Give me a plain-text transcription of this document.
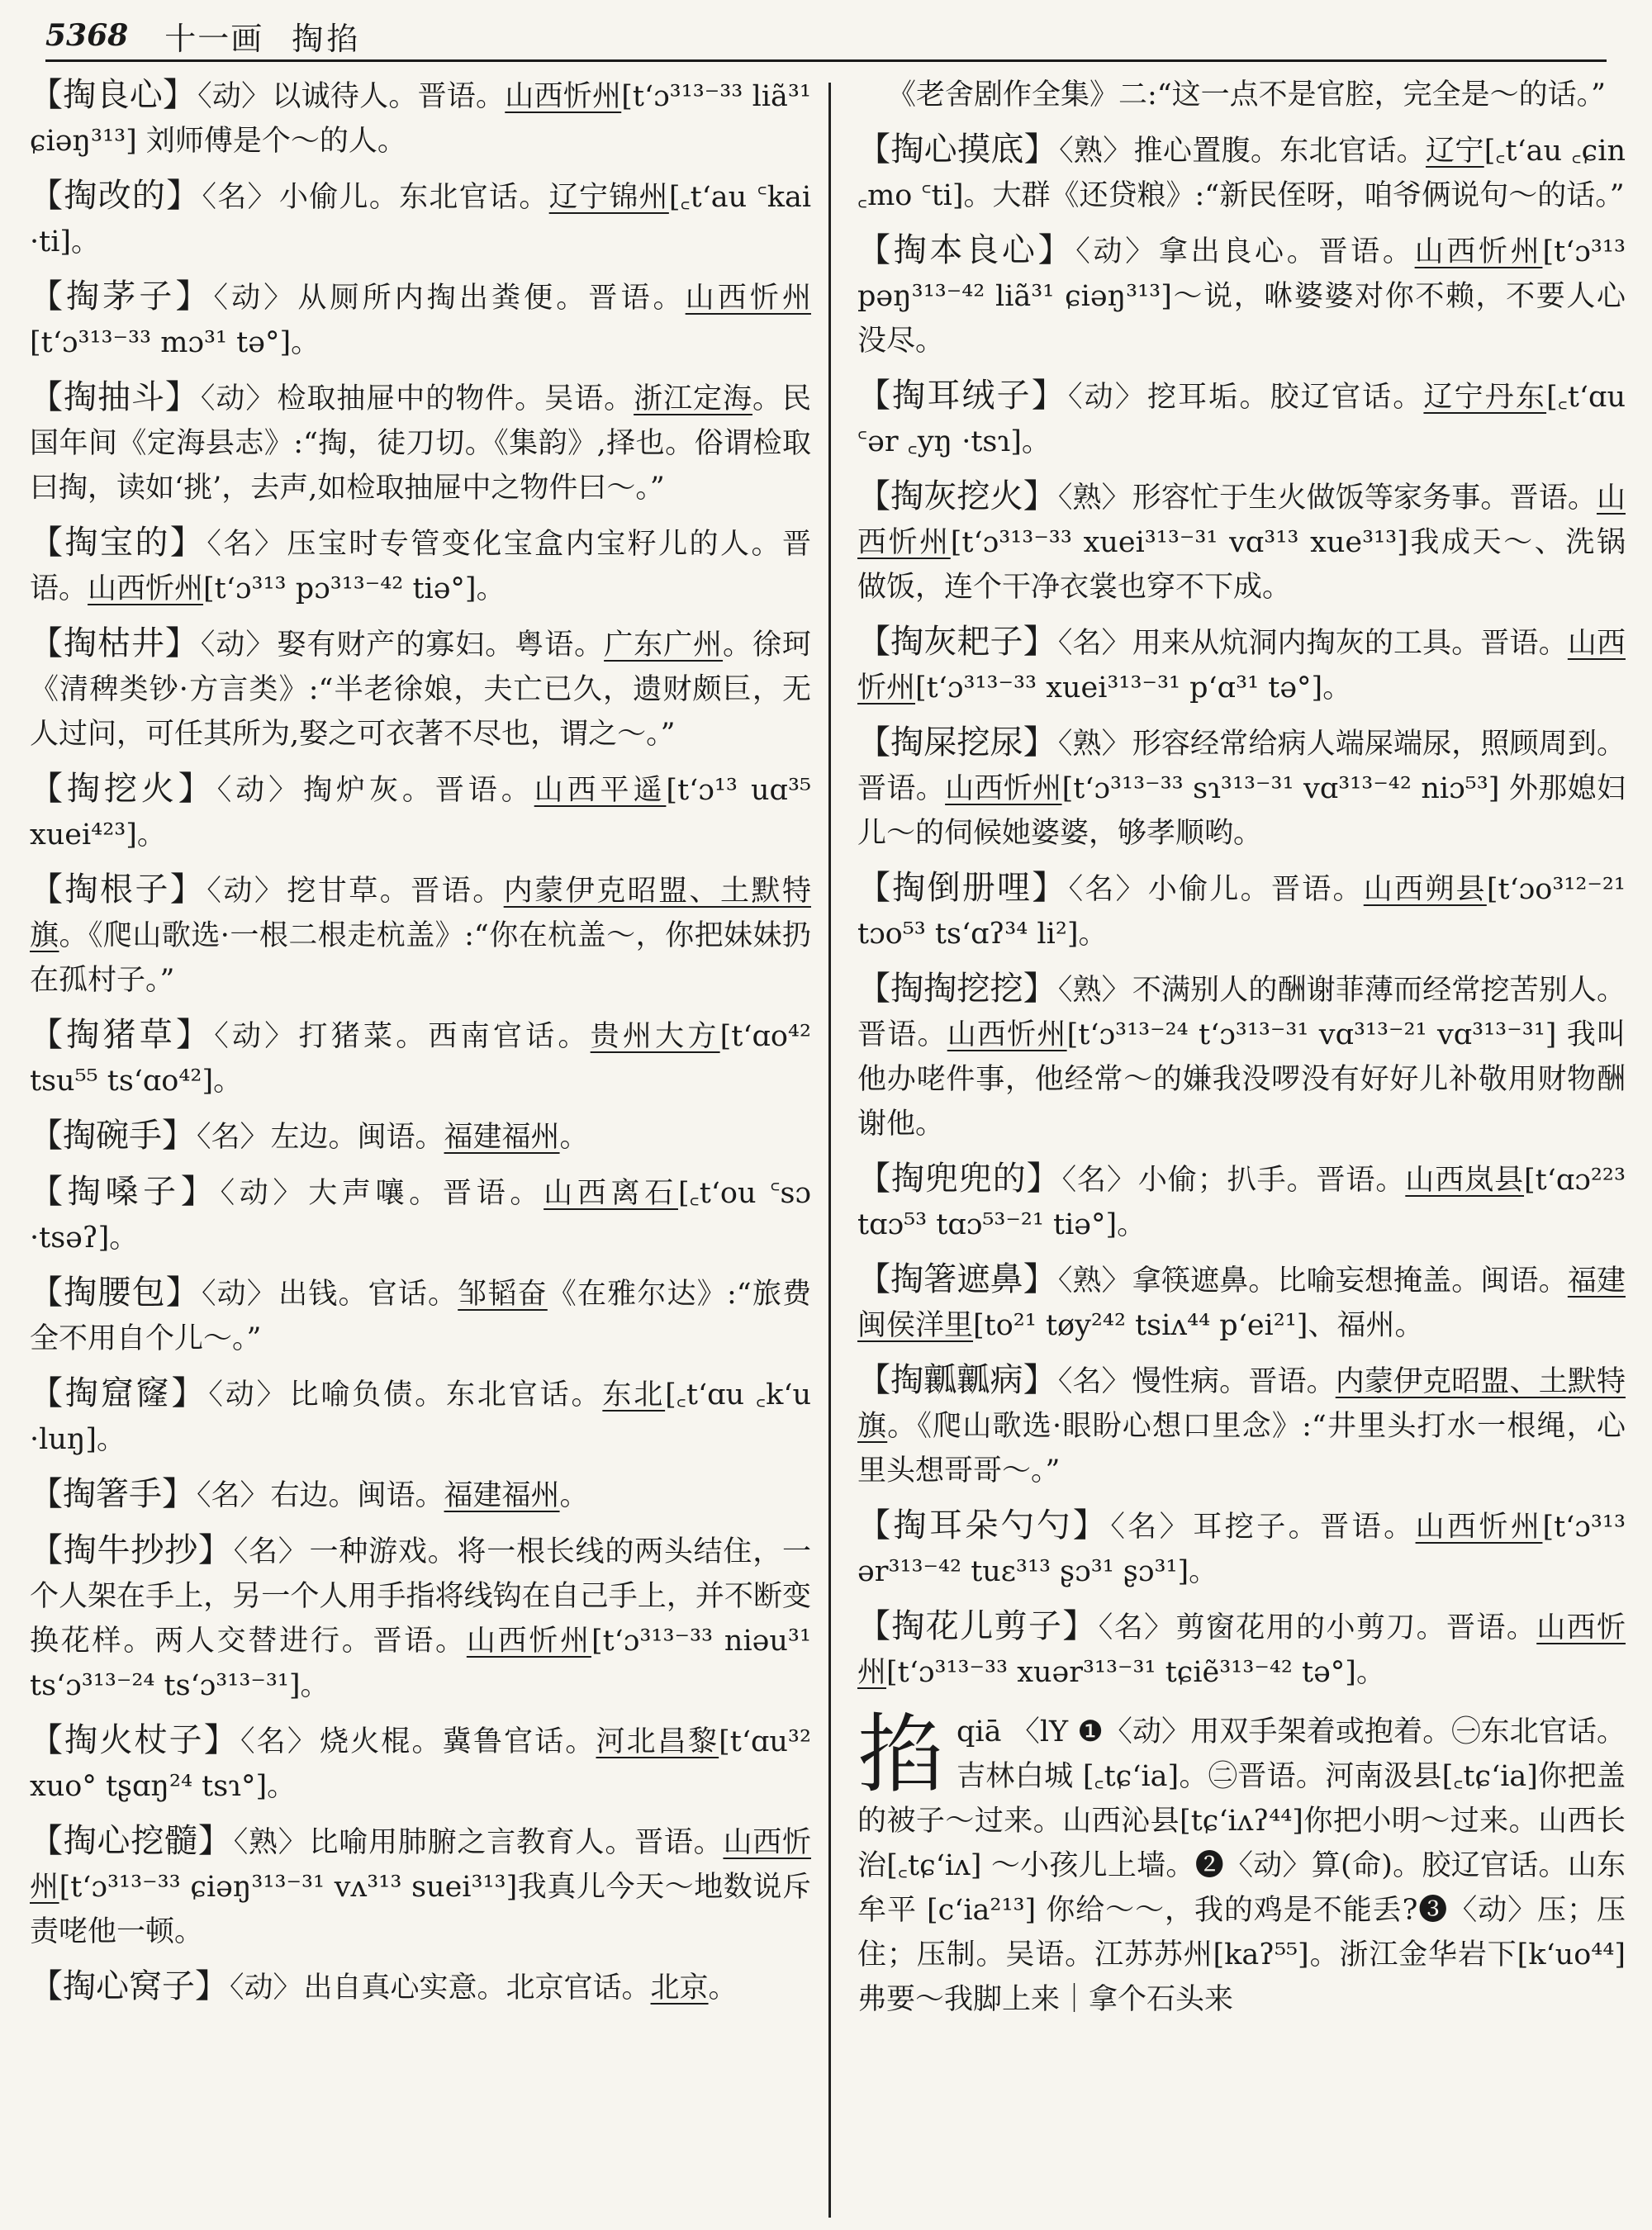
5368 十一画 掏掐
【掏良心】〈动〉以诚待人。晋语。山西忻州[tʻɔ³¹³⁻³³ liã³¹ ɕiəŋ³¹³] 刘师傅是个～的人。
【掏改的】〈名〉小偷儿。东北官话。辽宁锦州[꜀tʻau ꜂kai ·ti]。
【掏茅子】〈动〉从厕所内掏出粪便。晋语。山西忻州[tʻɔ³¹³⁻³³ mɔ³¹ tə°]。
【掏抽斗】〈动〉检取抽屉中的物件。吴语。浙江定海。民国年间《定海县志》:“掏，徒刀切。《集韵》,择也。俗谓检取曰掏，读如‘挑’，去声,如检取抽屉中之物件曰～。”
【掏宝的】〈名〉压宝时专管变化宝盒内宝籽儿的人。晋语。山西忻州[tʻɔ³¹³ pɔ³¹³⁻⁴² tiə°]。
【掏枯井】〈动〉娶有财产的寡妇。粤语。广东广州。徐珂《清稗类钞·方言类》:“半老徐娘，夫亡已久，遗财颇巨，无人过问，可任其所为,娶之可衣著不尽也，谓之～。”
【掏挖火】〈动〉掏炉灰。晋语。山西平遥[tʻɔ¹³ uɑ³⁵ xuei⁴²³]。
【掏根子】〈动〉挖甘草。晋语。内蒙伊克昭盟、土默特旗。《爬山歌选·一根二根走杭盖》:“你在杭盖～，你把妹妹扔在孤村子。”
【掏猪草】〈动〉打猪菜。西南官话。贵州大方[tʻɑo⁴² tsu⁵⁵ tsʻɑo⁴²]。
【掏碗手】〈名〉左边。闽语。福建福州。
【掏嗓子】〈动〉大声嚷。晋语。山西离石[꜀tʻou ꜂sɔ ·tsəʔ]。
【掏腰包】〈动〉出钱。官话。邹韬奋《在雅尔达》:“旅费全不用自个儿～。”
【掏窟窿】〈动〉比喻负债。东北官话。东北[꜀tʻɑu ꜀kʻu ·luŋ]。
【掏箸手】〈名〉右边。闽语。福建福州。
【掏牛抄抄】〈名〉一种游戏。将一根长线的两头结住，一个人架在手上，另一个人用手指将线钩在自己手上，并不断变换花样。两人交替进行。晋语。山西忻州[tʻɔ³¹³⁻³³ niəu³¹ tsʻɔ³¹³⁻²⁴ tsʻɔ³¹³⁻³¹]。
【掏火杖子】〈名〉烧火棍。冀鲁官话。河北昌黎[tʻɑu³² xuo° tʂɑŋ²⁴ tsɿ°]。
【掏心挖髓】〈熟〉比喻用肺腑之言教育人。晋语。山西忻州[tʻɔ³¹³⁻³³ ɕiəŋ³¹³⁻³¹ vʌ³¹³ suei³¹³]我真儿今天～地数说斥责咾他一顿。
【掏心窝子】〈动〉出自真心实意。北京官话。北京。
《老舍剧作全集》二:“这一点不是官腔，完全是～的话。”
【掏心摸底】〈熟〉推心置腹。东北官话。辽宁[꜀tʻau ꜀ɕin ꜀mo ꜂ti]。大群《还贷粮》:“新民侄呀，咱爷俩说句～的话。”
【掏本良心】〈动〉拿出良心。晋语。山西忻州[tʻɔ³¹³ pəŋ³¹³⁻⁴² liã³¹ ɕiəŋ³¹³]～说，咻婆婆对你不赖，不要人心没尽。
【掏耳绒子】〈动〉挖耳垢。胶辽官话。辽宁丹东[꜀tʻɑu ꜂ər ꜀yŋ ·tsɿ]。
【掏灰挖火】〈熟〉形容忙于生火做饭等家务事。晋语。山西忻州[tʻɔ³¹³⁻³³ xuei³¹³⁻³¹ vɑ³¹³ xue³¹³]我成天～、洗锅做饭，连个干净衣裳也穿不下成。
【掏灰耙子】〈名〉用来从炕洞内掏灰的工具。晋语。山西忻州[tʻɔ³¹³⁻³³ xuei³¹³⁻³¹ pʻɑ³¹ tə°]。
【掏屎挖尿】〈熟〉形容经常给病人端屎端尿，照顾周到。晋语。山西忻州[tʻɔ³¹³⁻³³ sɿ³¹³⁻³¹ vɑ³¹³⁻⁴² niɔ⁵³] 外那媳妇儿～的伺候她婆婆，够孝顺哟。
【掏倒册哩】〈名〉小偷儿。晋语。山西朔县[tʻɔo³¹²⁻²¹ tɔo⁵³ tsʻɑʔ³⁴ li²]。
【掏掏挖挖】〈熟〉不满别人的酬谢菲薄而经常挖苦别人。晋语。山西忻州[tʻɔ³¹³⁻²⁴ tʻɔ³¹³⁻³¹ vɑ³¹³⁻²¹ vɑ³¹³⁻³¹] 我叫他办咾件事，他经常～的嫌我没啰没有好好儿补敬用财物酬谢他。
【掏兜兜的】〈名〉小偷；扒手。晋语。山西岚县[tʻɑɔ²²³ tɑɔ⁵³ tɑɔ⁵³⁻²¹ tiə°]。
【掏箸遮鼻】〈熟〉拿筷遮鼻。比喻妄想掩盖。闽语。福建闽侯洋里[to²¹ tøy²⁴² tsiʌ⁴⁴ pʻei²¹]、福州。
【掏瓤瓤病】〈名〉慢性病。晋语。内蒙伊克昭盟、土默特旗。《爬山歌选·眼盼心想口里念》:“井里头打水一根绳，心里头想哥哥～。”
【掏耳朵勺勺】〈名〉耳挖子。晋语。山西忻州[tʻɔ³¹³ ər³¹³⁻⁴² tuɛ³¹³ ʂɔ³¹ ʂɔ³¹]。
【掏花儿剪子】〈名〉剪窗花用的小剪刀。晋语。山西忻州[tʻɔ³¹³⁻³³ xuər³¹³⁻³¹ tɕiẽ³¹³⁻⁴² tə°]。
掐 qiā 〈lY ❶〈动〉用双手架着或抱着。㊀东北官话。吉林白城 [꜀tɕʻia]。㊁晋语。河南汲县[꜀tɕʻia]你把盖的被子～过来。山西沁县[tɕʻiʌʔ⁴⁴]你把小明～过来。山西长治[꜀tɕʻiʌ] ～小孩儿上墙。❷〈动〉算(命)。胶辽官话。山东牟平 [cʻia²¹³] 你给～～，我的鸡是不能丢?❸〈动〉压；压住；压制。吴语。江苏苏州[kaʔ⁵⁵]。浙江金华岩下[kʻuo⁴⁴]弗要～我脚上来｜拿个石头来
